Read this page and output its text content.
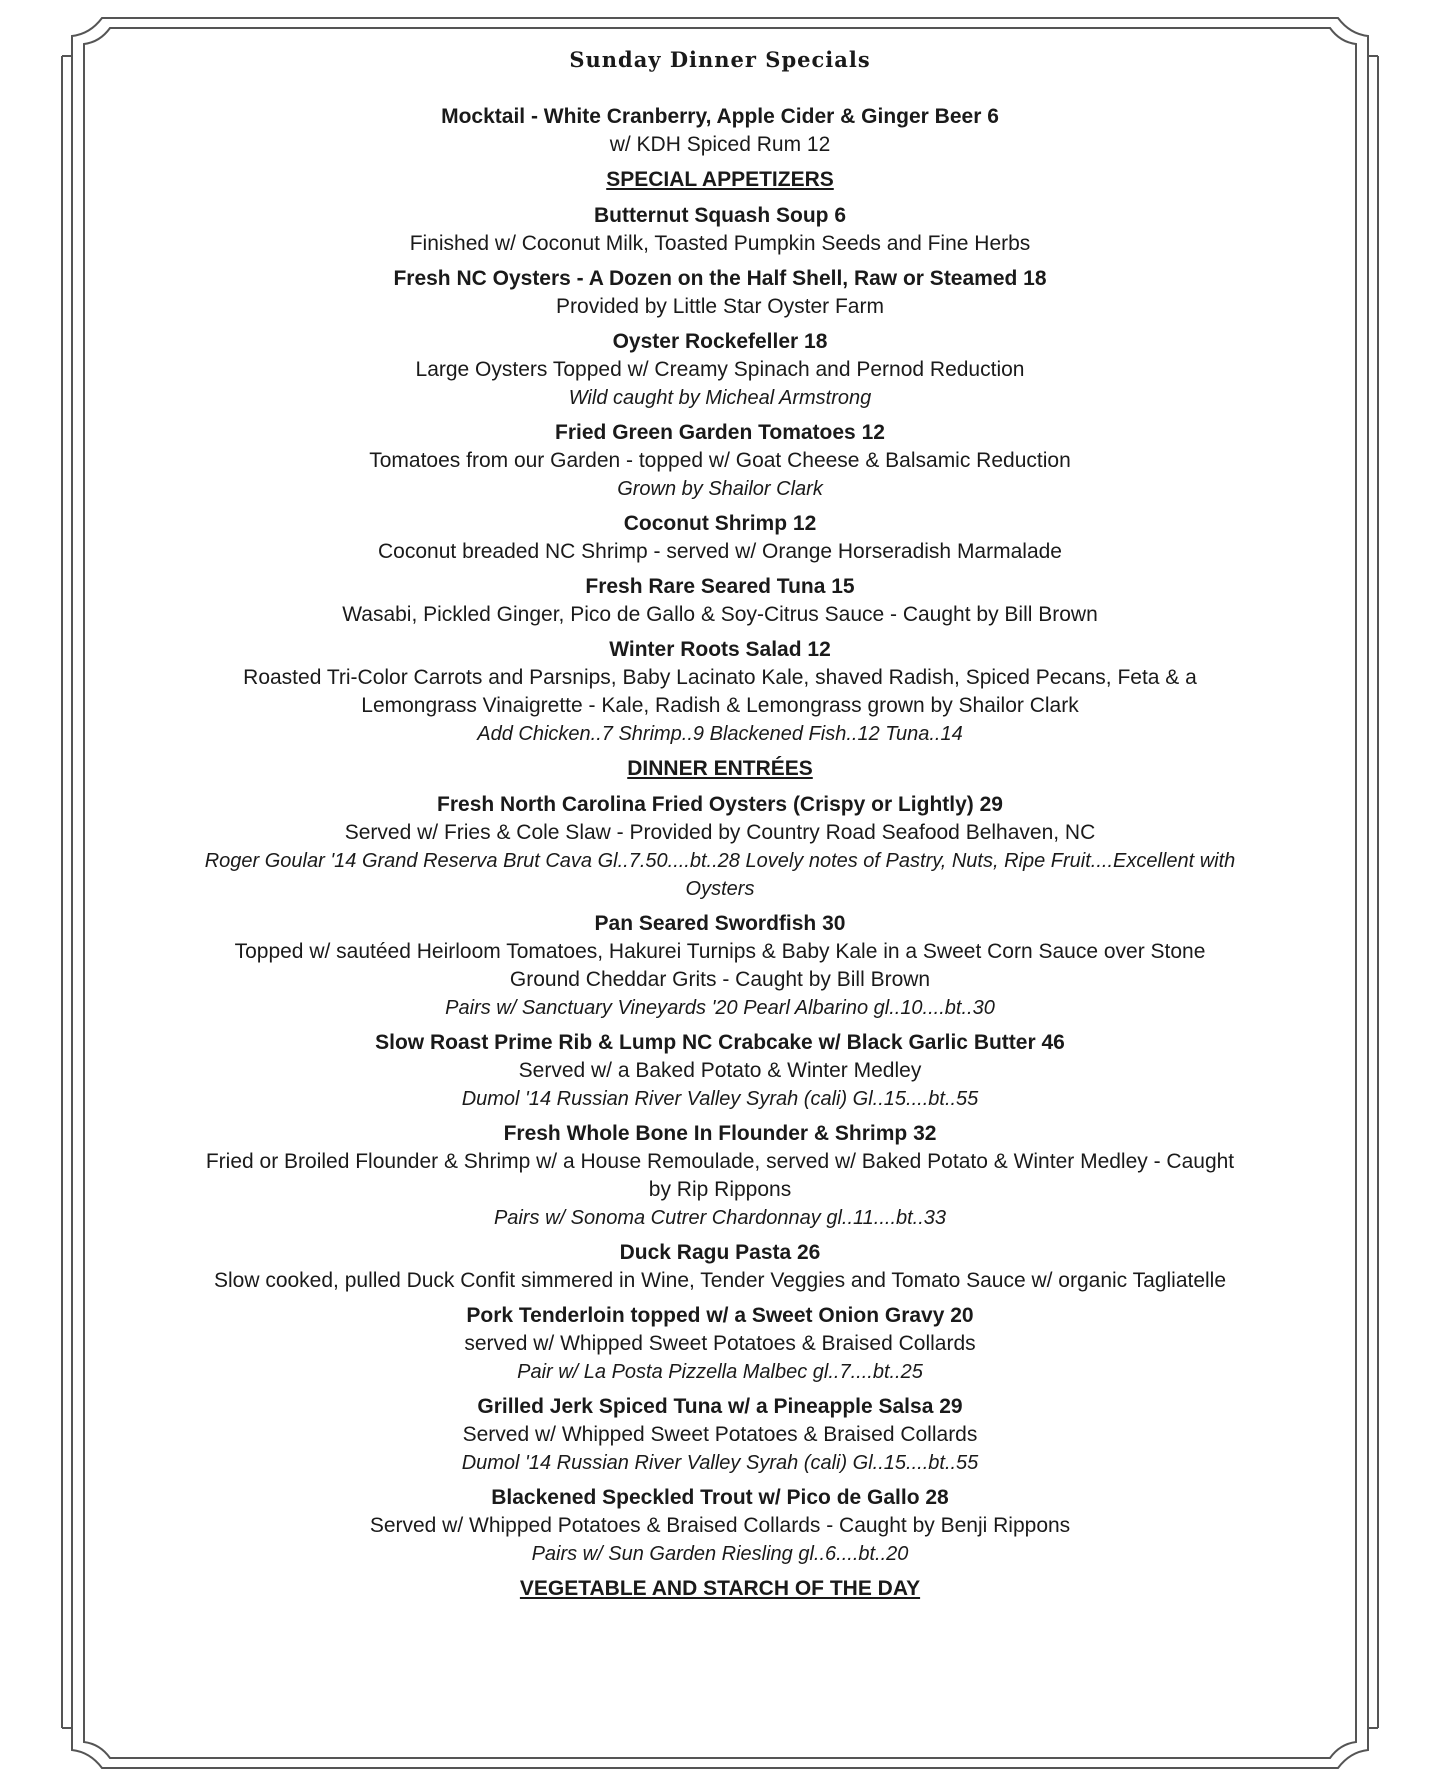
Sunday Dinner Specials

Mocktail - White Cranberry, Apple Cider & Ginger Beer 6

w/ KDH Spiced Rum 12

SPECIAL APPETIZERS

Butternut Squash Soup 6

Finished w/ Coconut Milk, Toasted Pumpkin Seeds and Fine Herbs

Fresh NC Oysters - A Dozen on the Half Shell, Raw or Steamed 18

Provided by Little Star Oyster Farm

Oyster Rockefeller 18

Large Oysters Topped w/ Creamy Spinach and Pernod Reduction

Wild caught by Micheal Armstrong

Fried Green Garden Tomatoes 12

Tomatoes from our Garden - topped w/ Goat Cheese & Balsamic Reduction

Grown by Shailor Clark

Coconut Shrimp 12

Coconut breaded NC Shrimp - served w/ Orange Horseradish Marmalade

Fresh Rare Seared Tuna 15

Wasabi, Pickled Ginger, Pico de Gallo & Soy-Citrus Sauce - Caught by Bill Brown

Winter Roots Salad 12

Roasted Tri-Color Carrots and Parsnips, Baby Lacinato Kale, shaved Radish, Spiced Pecans, Feta & a

Lemongrass Vinaigrette - Kale, Radish & Lemongrass grown by Shailor Clark

Add Chicken..7 Shrimp..9 Blackened Fish..12 Tuna..14

DINNER ENTRÉES

Fresh North Carolina Fried Oysters (Crispy or Lightly) 29

Served w/ Fries & Cole Slaw - Provided by Country Road Seafood Belhaven, NC

Roger Goular '14 Grand Reserva Brut Cava Gl..7.50....bt..28 Lovely notes of Pastry, Nuts, Ripe Fruit....Excellent with

Oysters

Pan Seared Swordfish 30

Topped w/ sautéed Heirloom Tomatoes, Hakurei Turnips & Baby Kale in a Sweet Corn Sauce over Stone

Ground Cheddar Grits - Caught by Bill Brown

Pairs w/ Sanctuary Vineyards '20 Pearl Albarino gl..10....bt..30

Slow Roast Prime Rib & Lump NC Crabcake w/ Black Garlic Butter 46

Served w/ a Baked Potato & Winter Medley

Dumol '14 Russian River Valley Syrah (cali) Gl..15....bt..55

Fresh Whole Bone In Flounder & Shrimp 32

Fried or Broiled Flounder & Shrimp w/ a House Remoulade, served w/ Baked Potato & Winter Medley - Caught

by Rip Rippons

Pairs w/ Sonoma Cutrer Chardonnay gl..11....bt..33

Duck Ragu Pasta 26

Slow cooked, pulled Duck Confit simmered in Wine, Tender Veggies and Tomato Sauce w/ organic Tagliatelle

Pork Tenderloin topped w/ a Sweet Onion Gravy 20

served w/ Whipped Sweet Potatoes & Braised Collards

Pair w/ La Posta Pizzella Malbec gl..7....bt..25

Grilled Jerk Spiced Tuna w/ a Pineapple Salsa 29

Served w/ Whipped Sweet Potatoes & Braised Collards

Dumol '14 Russian River Valley Syrah (cali) Gl..15....bt..55

Blackened Speckled Trout w/ Pico de Gallo 28

Served w/ Whipped Potatoes & Braised Collards - Caught by Benji Rippons

Pairs w/ Sun Garden Riesling gl..6....bt..20

VEGETABLE AND STARCH OF THE DAY
